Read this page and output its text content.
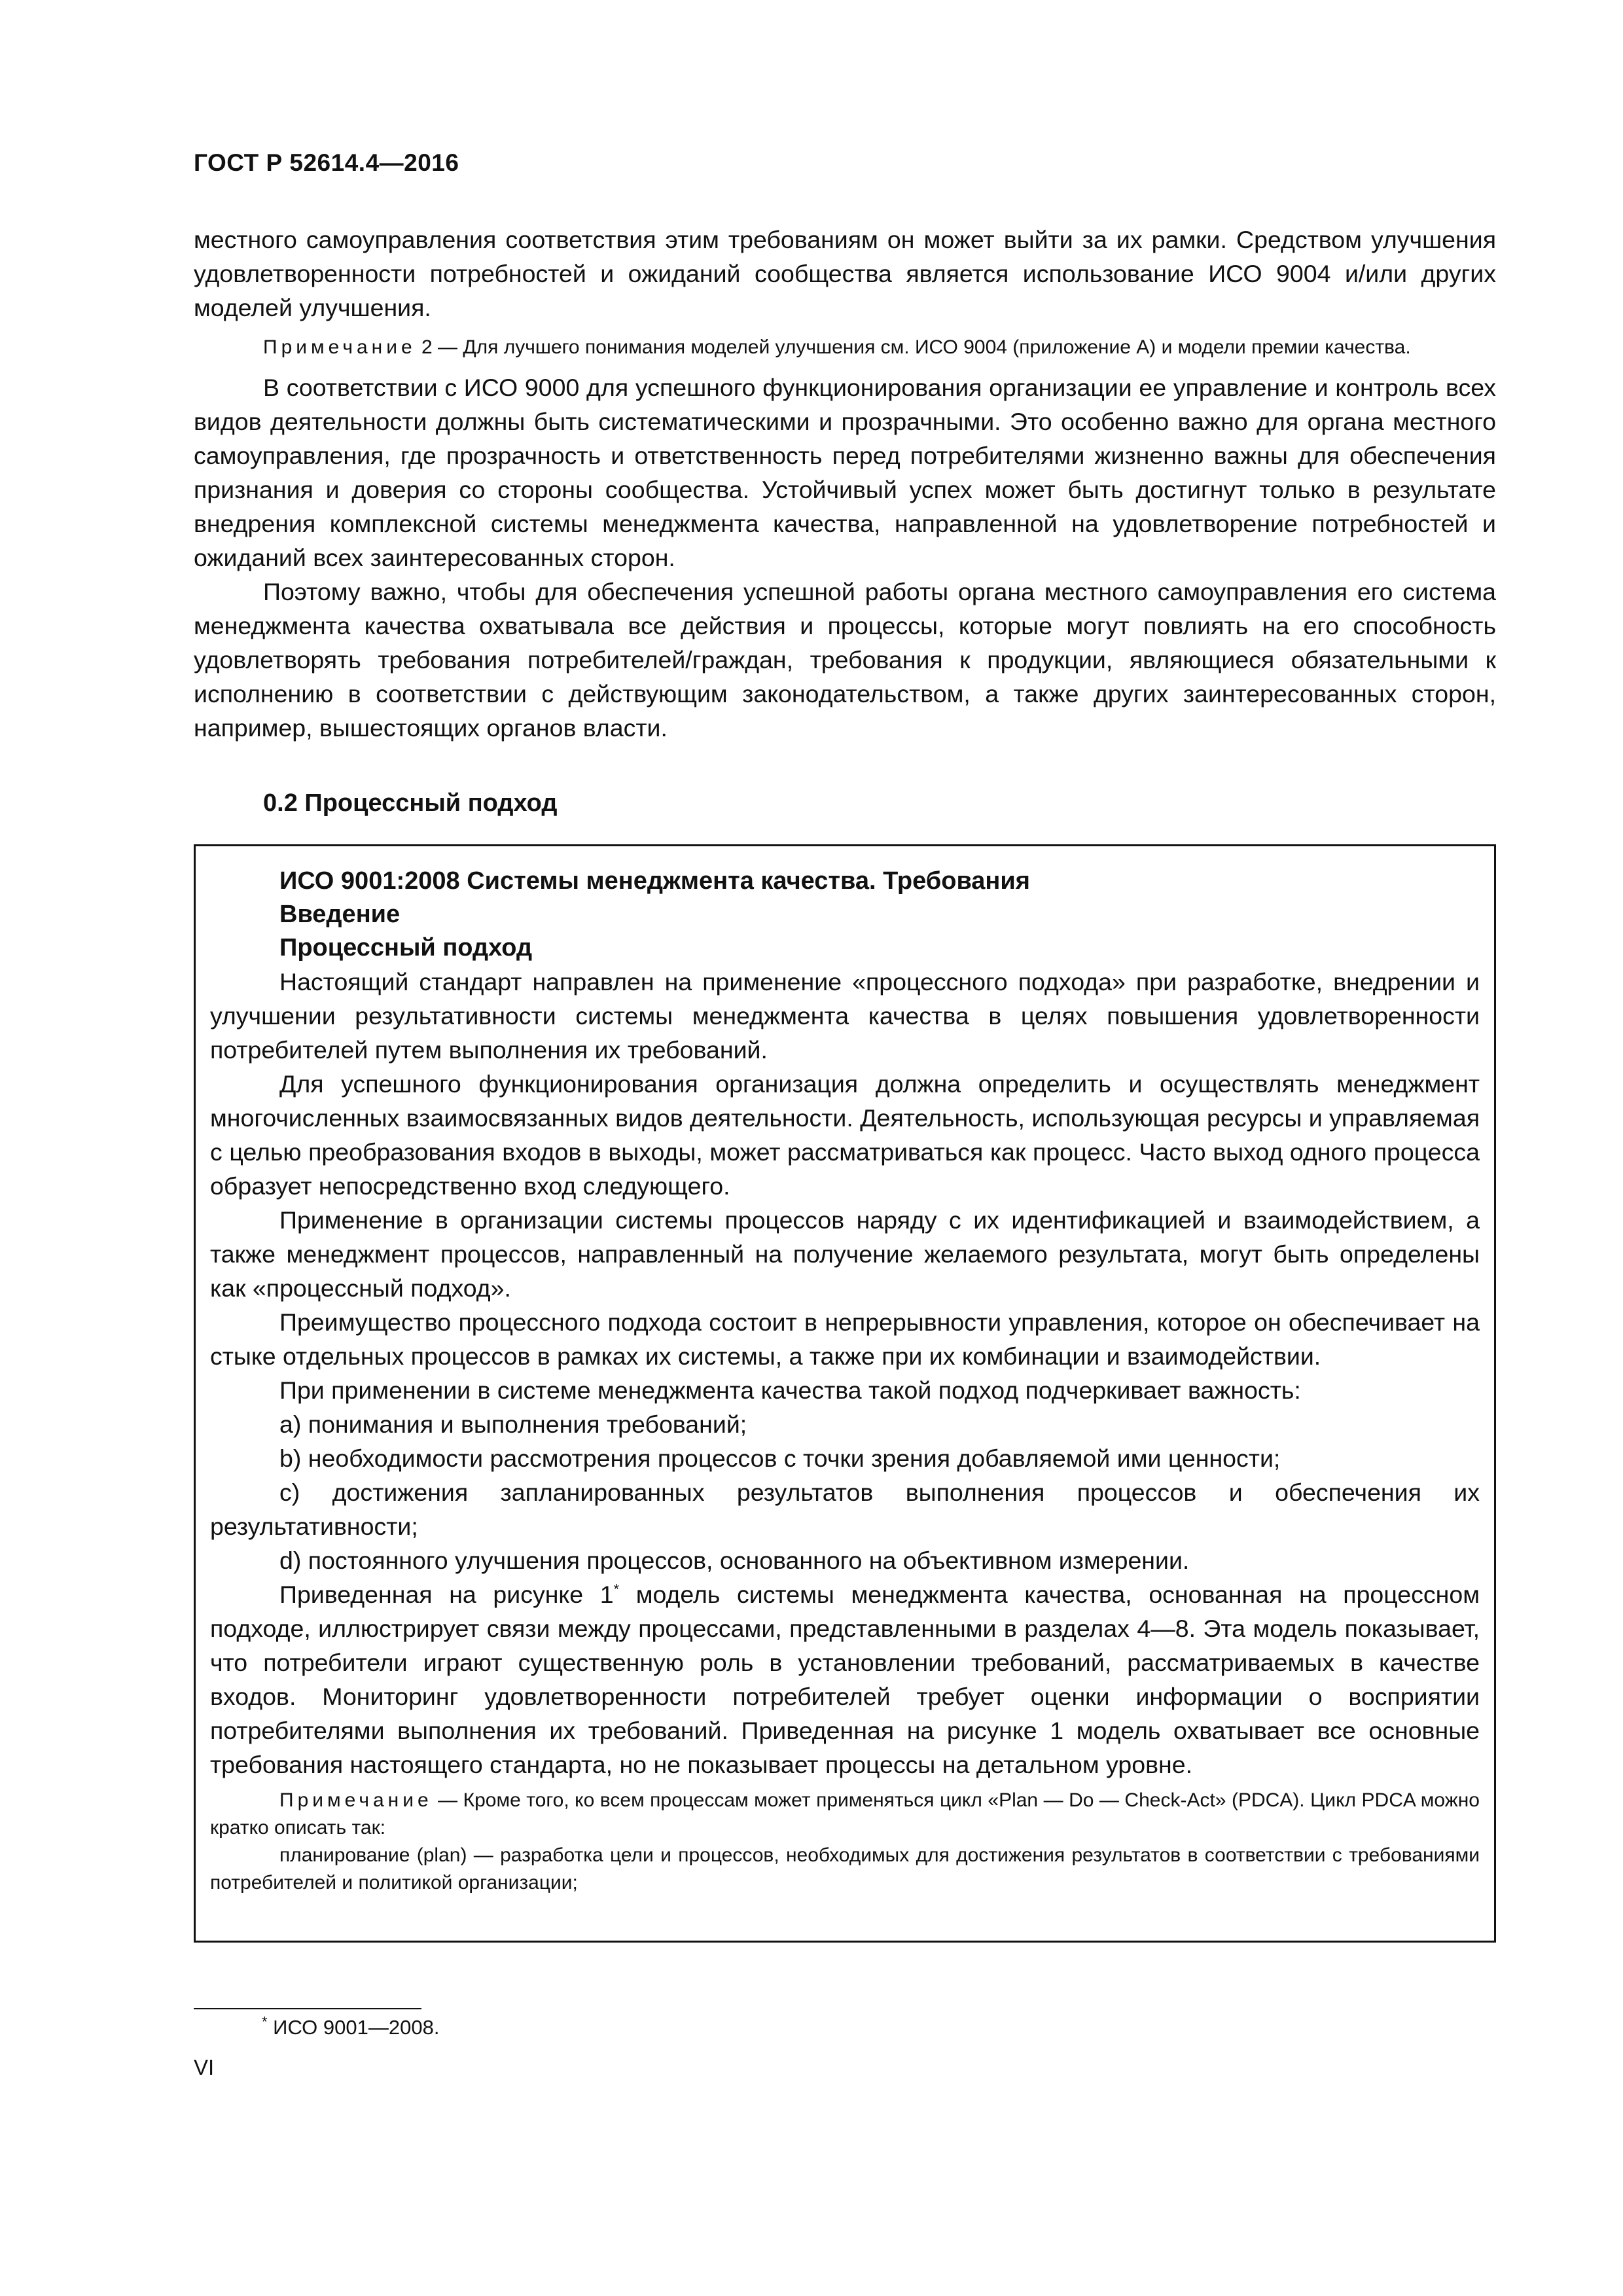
ГОСТ Р 52614.4—2016

местного самоуправления соответствия этим требованиям он может выйти за их рамки. Средством улучшения удовлетворенности потребностей и ожиданий сообщества является использование ИСО 9004 и/или других моделей улучшения.

Примечание 2 — Для лучшего понимания моделей улучшения см. ИСО 9004 (приложение А) и модели премии качества.

В соответствии с ИСО 9000 для успешного функционирования организации ее управление и контроль всех видов деятельности должны быть систематическими и прозрачными. Это особенно важно для органа местного самоуправления, где прозрачность и ответственность перед потребителями жизненно важны для обеспечения признания и доверия со стороны сообщества. Устойчивый успех может быть достигнут только в результате внедрения комплексной системы менеджмента качества, направленной на удовлетворение потребностей и ожиданий всех заинтересованных сторон.

Поэтому важно, чтобы для обеспечения успешной работы органа местного самоуправления его система менеджмента качества охватывала все действия и процессы, которые могут повлиять на его способность удовлетворять требования потребителей/граждан, требования к продукции, являющиеся обязательными к исполнению в соответствии с действующим законодательством, а также других заинтересованных сторон, например, вышестоящих органов власти.

0.2 Процессный подход
ИСО 9001:2008 Системы менеджмента качества. Требования
Введение
Процессный подход

Настоящий стандарт направлен на применение «процессного подхода» при разработке, внедрении и улучшении результативности системы менеджмента качества в целях повышения удовлетворенности потребителей путем выполнения их требований.

Для успешного функционирования организация должна определить и осуществлять менеджмент многочисленных взаимосвязанных видов деятельности. Деятельность, использующая ресурсы и управляемая с целью преобразования входов в выходы, может рассматриваться как процесс. Часто выход одного процесса образует непосредственно вход следующего.

Применение в организации системы процессов наряду с их идентификацией и взаимодействием, а также менеджмент процессов, направленный на получение желаемого результата, могут быть определены как «процессный подход».

Преимущество процессного подхода состоит в непрерывности управления, которое он обеспечивает на стыке отдельных процессов в рамках их системы, а также при их комбинации и взаимодействии.

При применении в системе менеджмента качества такой подход подчеркивает важность:

a) понимания и выполнения требований;

b) необходимости рассмотрения процессов с точки зрения добавляемой ими ценности;

c) достижения запланированных результатов выполнения процессов и обеспечения их результативности;

d) постоянного улучшения процессов, основанного на объективном измерении.

Приведенная на рисунке 1* модель системы менеджмента качества, основанная на процессном подходе, иллюстрирует связи между процессами, представленными в разделах 4—8. Эта модель показывает, что потребители играют существенную роль в установлении требований, рассматриваемых в качестве входов. Мониторинг удовлетворенности потребителей требует оценки информации о восприятии потребителями выполнения их требований. Приведенная на рисунке 1 модель охватывает все основные требования настоящего стандарта, но не показывает процессы на детальном уровне.

Примечание — Кроме того, ко всем процессам может применяться цикл «Plan — Do — Check-Act» (PDCA). Цикл PDCA можно кратко описать так:

планирование (plan) — разработка цели и процессов, необходимых для достижения результатов в соответствии с требованиями потребителей и политикой организации;

* ИСО 9001—2008.
VI
